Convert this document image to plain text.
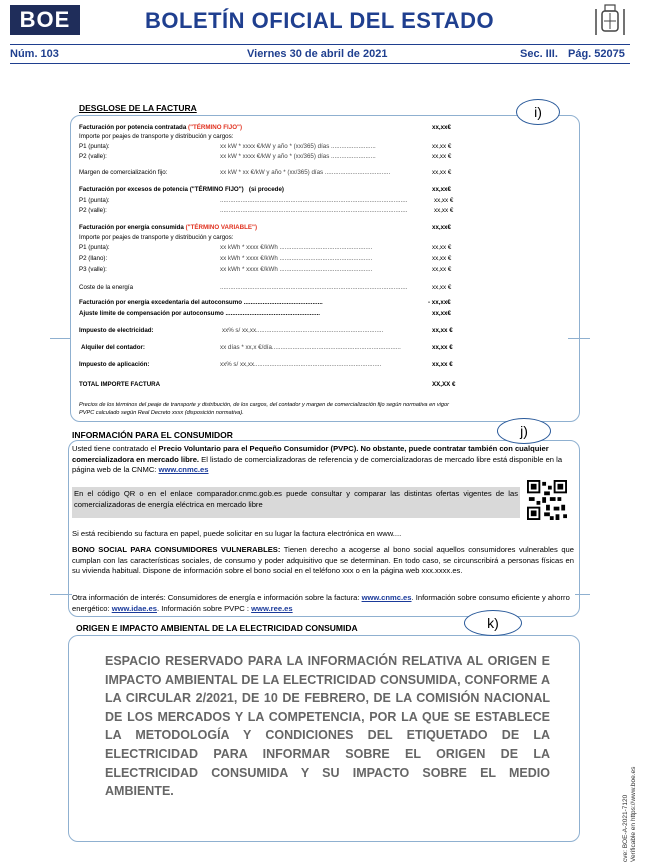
BOE	BOLETÍN OFICIAL DEL ESTADO
Núm. 103	Viernes 30 de abril de 2021	Sec. III. Pág. 52075
DESGLOSE DE LA FACTURA	i)
Facturación por potencia contratada ("TÉRMINO FIJO")	xx,xx€
Importe por peajes de transporte y distribución y cargos:
P1 (punta):	xx kW * xxxx €/kW y año * (xx/365) días ..........................	xx,xx €
P2 (valle):	xx kW * xxxx €/kW y año * (xx/365) días ..........................	xx,xx €
Margen de comercialización fijo:	xx kW * xx €/kW y año * (xx/365) días ......................................	xx,xx €
Facturación por excesos de potencia ("TÉRMINO FIJO") (si procede)	xx,xx€
P1 (punta):	.............................................................................................................	xx,xx €
P2 (valle):	.............................................................................................................	xx,xx €
Facturación por energía consumida ("TÉRMINO VARIABLE")	xx,xx€
Importe por peajes de transporte y distribución y cargos:
P1 (punta):	xx kWh * xxxx €/kWh ......................................................	xx,xx €
P2 (llano):	xx kWh * xxxx €/kWh ......................................................	xx,xx €
P3 (valle):	xx kWh * xxxx €/kWh ......................................................	xx,xx €
Coste de la energía	.............................................................................................................	xx,xx €
Facturación por energía excedentaria del autoconsumo ..............................................	- xx,xx€
Ajuste límite de compensación por autoconsumo .......................................................	xx,xx€
Impuesto de electricidad:	xx% s/ xx,xx..........................................................................	xx,xx €
Alquiler del contador:	xx días * xx,x €/día...........................................................................	xx,xx €
Impuesto de aplicación:	xx% s/ xx,xx..........................................................................	xx,xx €
TOTAL IMPORTE FACTURA	XX,XX €
Precios de los términos del peaje de transporte y distribución, de los cargos, del contador y margen de comercialización fijo según normativa en vigor
PVPC calculado según Real Decreto xxxx (disposición normativa).
INFORMACIÓN PARA EL CONSUMIDOR	j)
Usted tiene contratado el Precio Voluntario para el Pequeño Consumidor (PVPC). No obstante, puede contratar también con cualquier comercializadora en mercado libre. El listado de comercializadoras de referencia y de comercializadoras de mercado libre está disponible en la página web de la CNMC: www.cnmc.es
En el código QR o en el enlace comparador.cnmc.gob.es puede consultar y comparar las distintas ofertas vigentes de las comercializadoras de energía eléctrica en mercado libre
Si está recibiendo su factura en papel, puede solicitar en su lugar la factura electrónica en www....
BONO SOCIAL PARA CONSUMIDORES VULNERABLES: Tienen derecho a acogerse al bono social aquellos consumidores vulnerables que cumplan con las características sociales, de consumo y poder adquisitivo que se determinan. En todo caso, se circunscribirá a personas físicas en su vivienda habitual. Dispone de información sobre el bono social en el teléfono xxx o en la página web xxx.xxxx.es.
Otra información de interés: Consumidores de energía e información sobre la factura: www.cnmc.es. Información sobre consumo eficiente y ahorro energético: www.idae.es. Información sobre PVPC : www.ree.es
ORIGEN E IMPACTO AMBIENTAL DE LA ELECTRICIDAD CONSUMIDA	k)
ESPACIO RESERVADO PARA LA INFORMACIÓN RELATIVA AL ORIGEN E IMPACTO AMBIENTAL DE LA ELECTRICIDAD CONSUMIDA, CONFORME A LA CIRCULAR 2/2021, DE 10 DE FEBRERO, DE LA COMISIÓN NACIONAL DE LOS MERCADOS Y LA COMPETENCIA, POR LA QUE SE ESTABLECE LA METODOLOGÍA Y CONDICIONES DEL ETIQUETADO DE LA ELECTRICIDAD PARA INFORMAR SOBRE EL ORIGEN DE LA ELECTRICIDAD CONSUMIDA Y SU IMPACTO SOBRE EL MEDIO AMBIENTE.
cve: BOE-A-2021-7120 Verificable en https://www.boe.es
